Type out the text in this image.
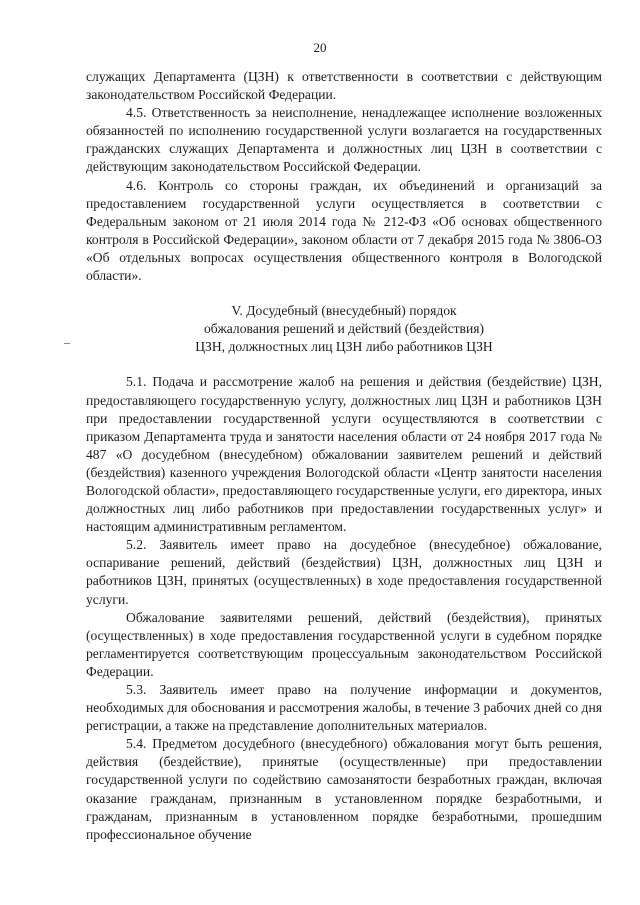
20

служащих Департамента (ЦЗН) к ответственности в соответствии с действующим законодательством Российской Федерации.

4.5. Ответственность за неисполнение, ненадлежащее исполнение возложенных обязанностей по исполнению государственной услуги возлагается на государственных гражданских служащих Департамента и должностных лиц ЦЗН в соответствии с действующим законодательством Российской Федерации.

4.6. Контроль со стороны граждан, их объединений и организаций за предоставлением государственной услуги осуществляется в соответствии с Федеральным законом от 21 июля 2014 года № 212-ФЗ «Об основах общественного контроля в Российской Федерации», законом области от 7 декабря 2015 года № 3806-ОЗ «Об отдельных вопросах осуществления общественного контроля в Вологодской области».

V. Досудебный (внесудебный) порядок
обжалования решений и действий (бездействия)
ЦЗН, должностных лиц ЦЗН либо работников ЦЗН

5.1. Подача и рассмотрение жалоб на решения и действия (бездействие) ЦЗН, предоставляющего государственную услугу, должностных лиц ЦЗН и работников ЦЗН при предоставлении государственной услуги осуществляются в соответствии с приказом Департамента труда и занятости населения области от 24 ноября 2017 года № 487 «О досудебном (внесудебном) обжаловании заявителем решений и действий (бездействия) казенного учреждения Вологодской области «Центр занятости населения Вологодской области», предоставляющего государственные услуги, его директора, иных должностных лиц либо работников при предоставлении государственных услуг» и настоящим административным регламентом.

5.2. Заявитель имеет право на досудебное (внесудебное) обжалование, оспаривание решений, действий (бездействия) ЦЗН, должностных лиц ЦЗН и работников ЦЗН, принятых (осуществленных) в ходе предоставления государственной услуги.

Обжалование заявителями решений, действий (бездействия), принятых (осуществленных) в ходе предоставления государственной услуги в судебном порядке регламентируется соответствующим процессуальным законодательством Российской Федерации.

5.3. Заявитель имеет право на получение информации и документов, необходимых для обоснования и рассмотрения жалобы, в течение 3 рабочих дней со дня регистрации, а также на представление дополнительных материалов.

5.4. Предметом досудебного (внесудебного) обжалования могут быть решения, действия (бездействие), принятые (осуществленные) при предоставлении государственной услуги по содействию самозанятости безработных граждан, включая оказание гражданам, признанным в установленном порядке безработными, и гражданам, признанным в установленном порядке безработными, прошедшим профессиональное обучение
